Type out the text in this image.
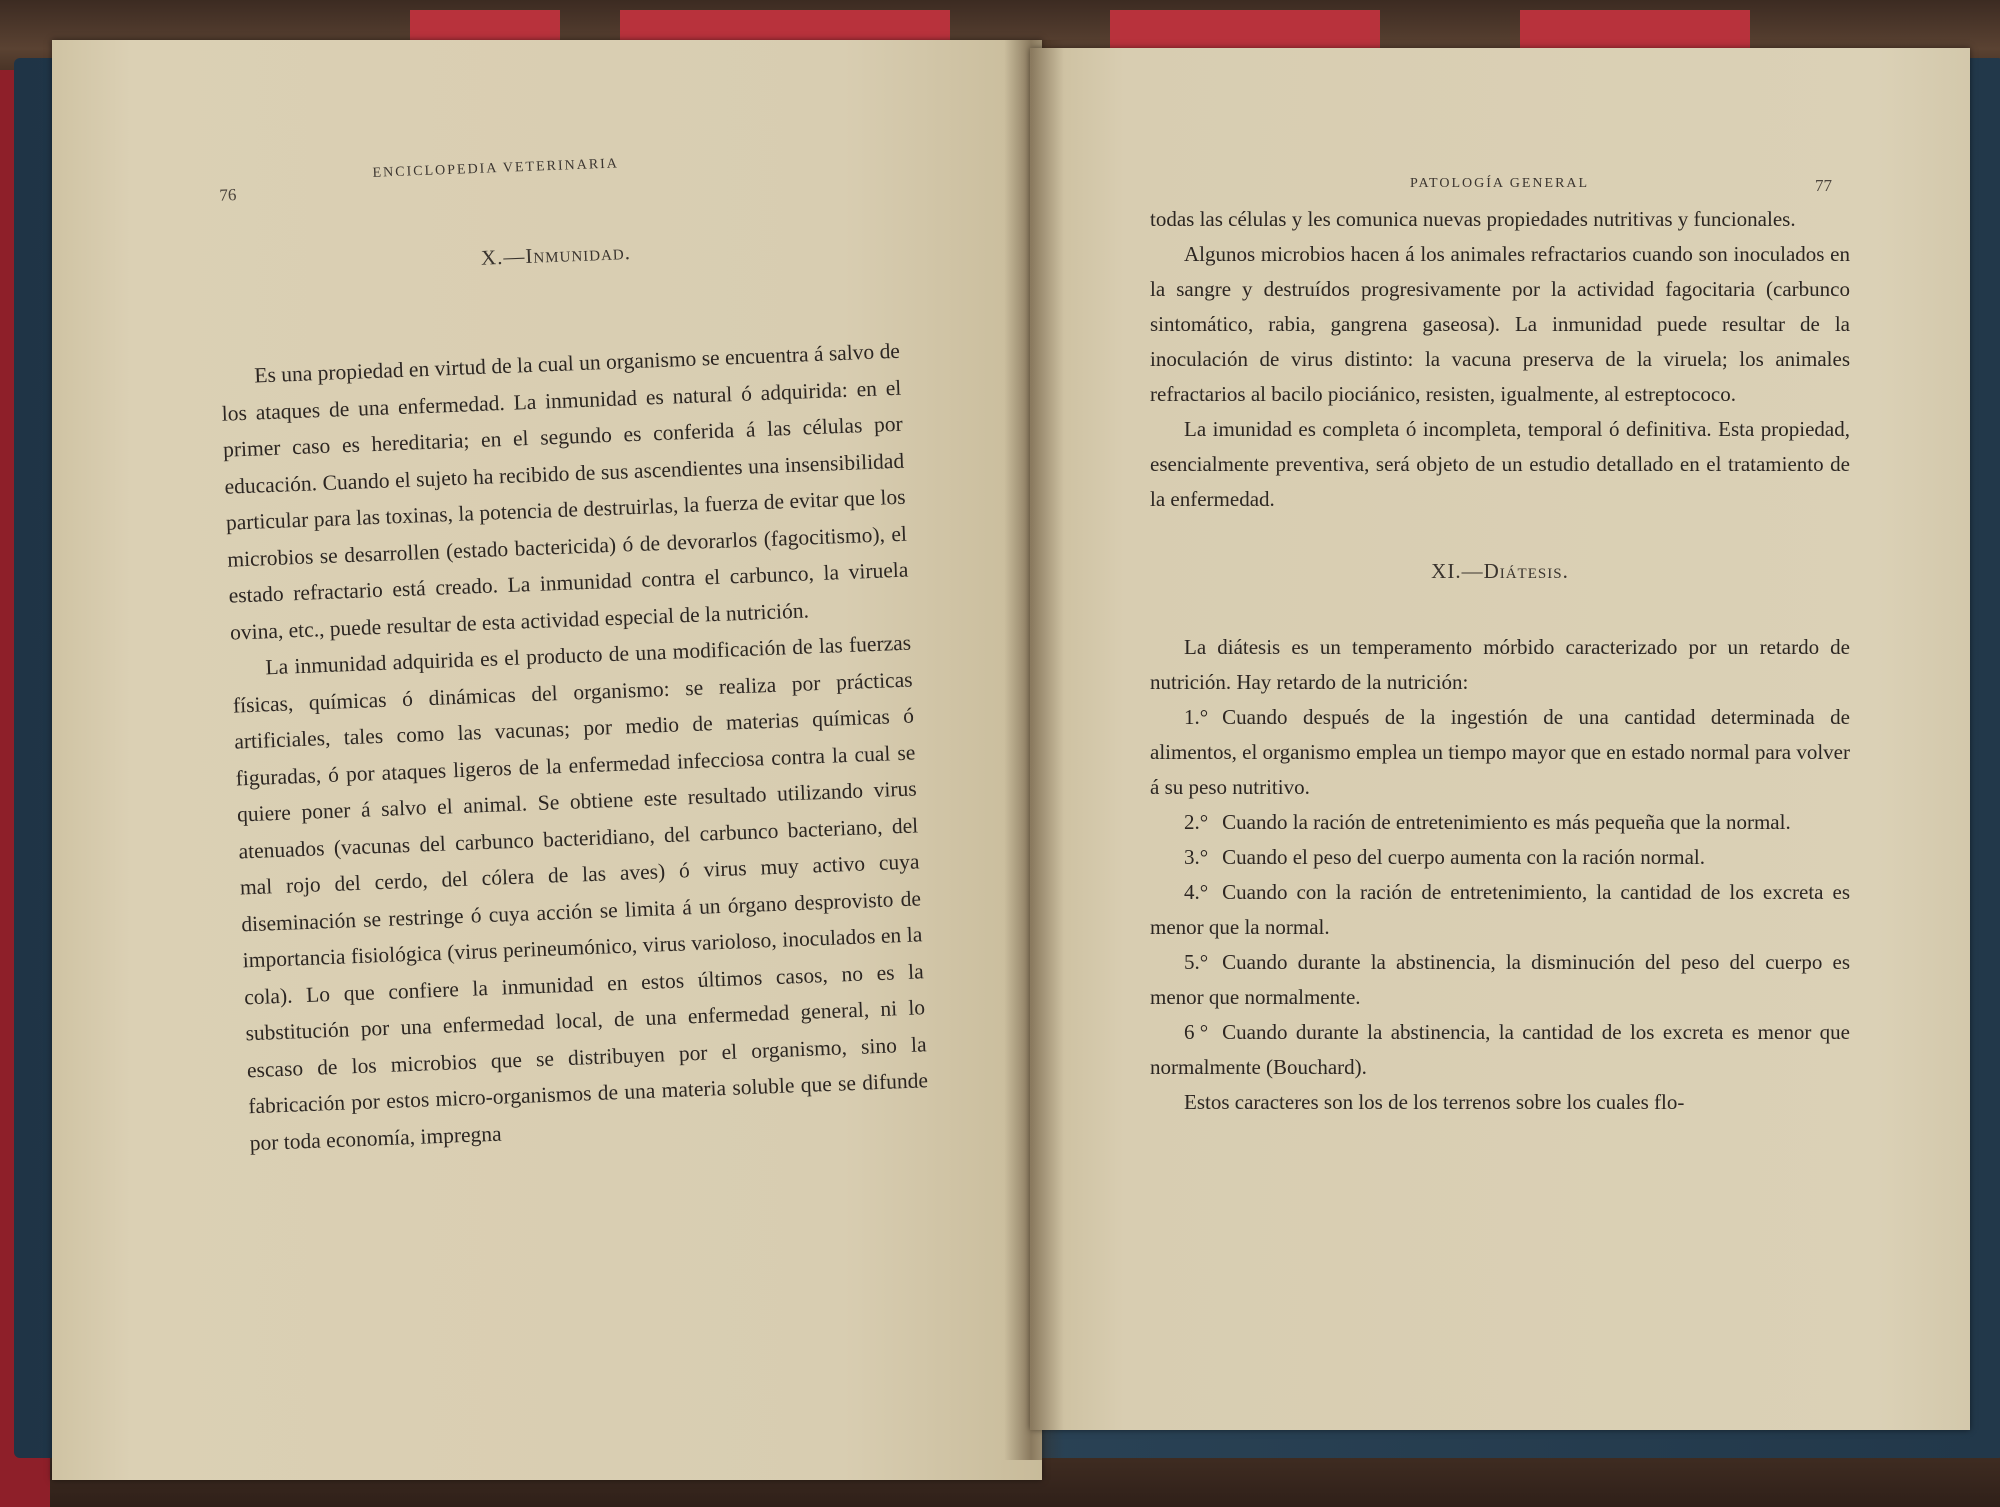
76
ENCICLOPEDIA VETERINARIA
X.—Inmunidad.

Es una propiedad en virtud de la cual un organismo se encuentra á salvo de los ataques de una enfermedad. La inmunidad es natural ó adquirida: en el primer caso es hereditaria; en el segundo es conferida á las células por educación. Cuando el sujeto ha recibido de sus ascendientes una insensibilidad particular para las toxinas, la potencia de destruirlas, la fuerza de evitar que los microbios se desarrollen (estado bactericida) ó de devorarlos (fagocitismo), el estado refractario está creado. La inmunidad contra el carbunco, la viruela ovina, etc., puede resultar de esta actividad especial de la nutrición.

La inmunidad adquirida es el producto de una modificación de las fuerzas físicas, químicas ó dinámicas del organismo: se realiza por prácticas artificiales, tales como las vacunas; por medio de materias químicas ó figuradas, ó por ataques ligeros de la enfermedad infecciosa contra la cual se quiere poner á salvo el animal. Se obtiene este resultado utilizando virus atenuados (vacunas del carbunco bacteridiano, del carbunco bacteriano, del mal rojo del cerdo, del cólera de las aves) ó virus muy activo cuya diseminación se restringe ó cuya acción se limita á un órgano desprovisto de importancia fisiológica (virus perineumónico, virus varioloso, inoculados en la cola). Lo que confiere la inmunidad en estos últimos casos, no es la substitución por una enfermedad local, de una enfermedad general, ni lo escaso de los microbios que se distribuyen por el organismo, sino la fabricación por estos micro-organismos de una materia soluble que se difunde por toda economía, impregna

PATOLOGÍA GENERAL	77

todas las células y les comunica nuevas propiedades nutritivas y funcionales.

Algunos microbios hacen á los animales refractarios cuando son inoculados en la sangre y destruídos progresivamente por la actividad fagocitaria (carbunco sintomático, rabia, gangrena gaseosa). La inmunidad puede resultar de la inoculación de virus distinto: la vacuna preserva de la viruela; los animales refractarios al bacilo piociánico, resisten, igualmente, al estreptococo.

La imunidad es completa ó incompleta, temporal ó definitiva. Esta propiedad, esencialmente preventiva, será objeto de un estudio detallado en el tratamiento de la enfermedad.

XI.—Diátesis.

La diátesis es un temperamento mórbido caracterizado por un retardo de nutrición. Hay retardo de la nutrición:

1.° Cuando después de la ingestión de una cantidad determinada de alimentos, el organismo emplea un tiempo mayor que en estado normal para volver á su peso nutritivo.

2.° Cuando la ración de entretenimiento es más pequeña que la normal.

3.° Cuando el peso del cuerpo aumenta con la ración normal.

4.° Cuando con la ración de entretenimiento, la cantidad de los excreta es menor que la normal.

5.° Cuando durante la abstinencia, la disminución del peso del cuerpo es menor que normalmente.

6 ° Cuando durante la abstinencia, la cantidad de los excreta es menor que normalmente (Bouchard).

Estos caracteres son los de los terrenos sobre los cuales flo-
